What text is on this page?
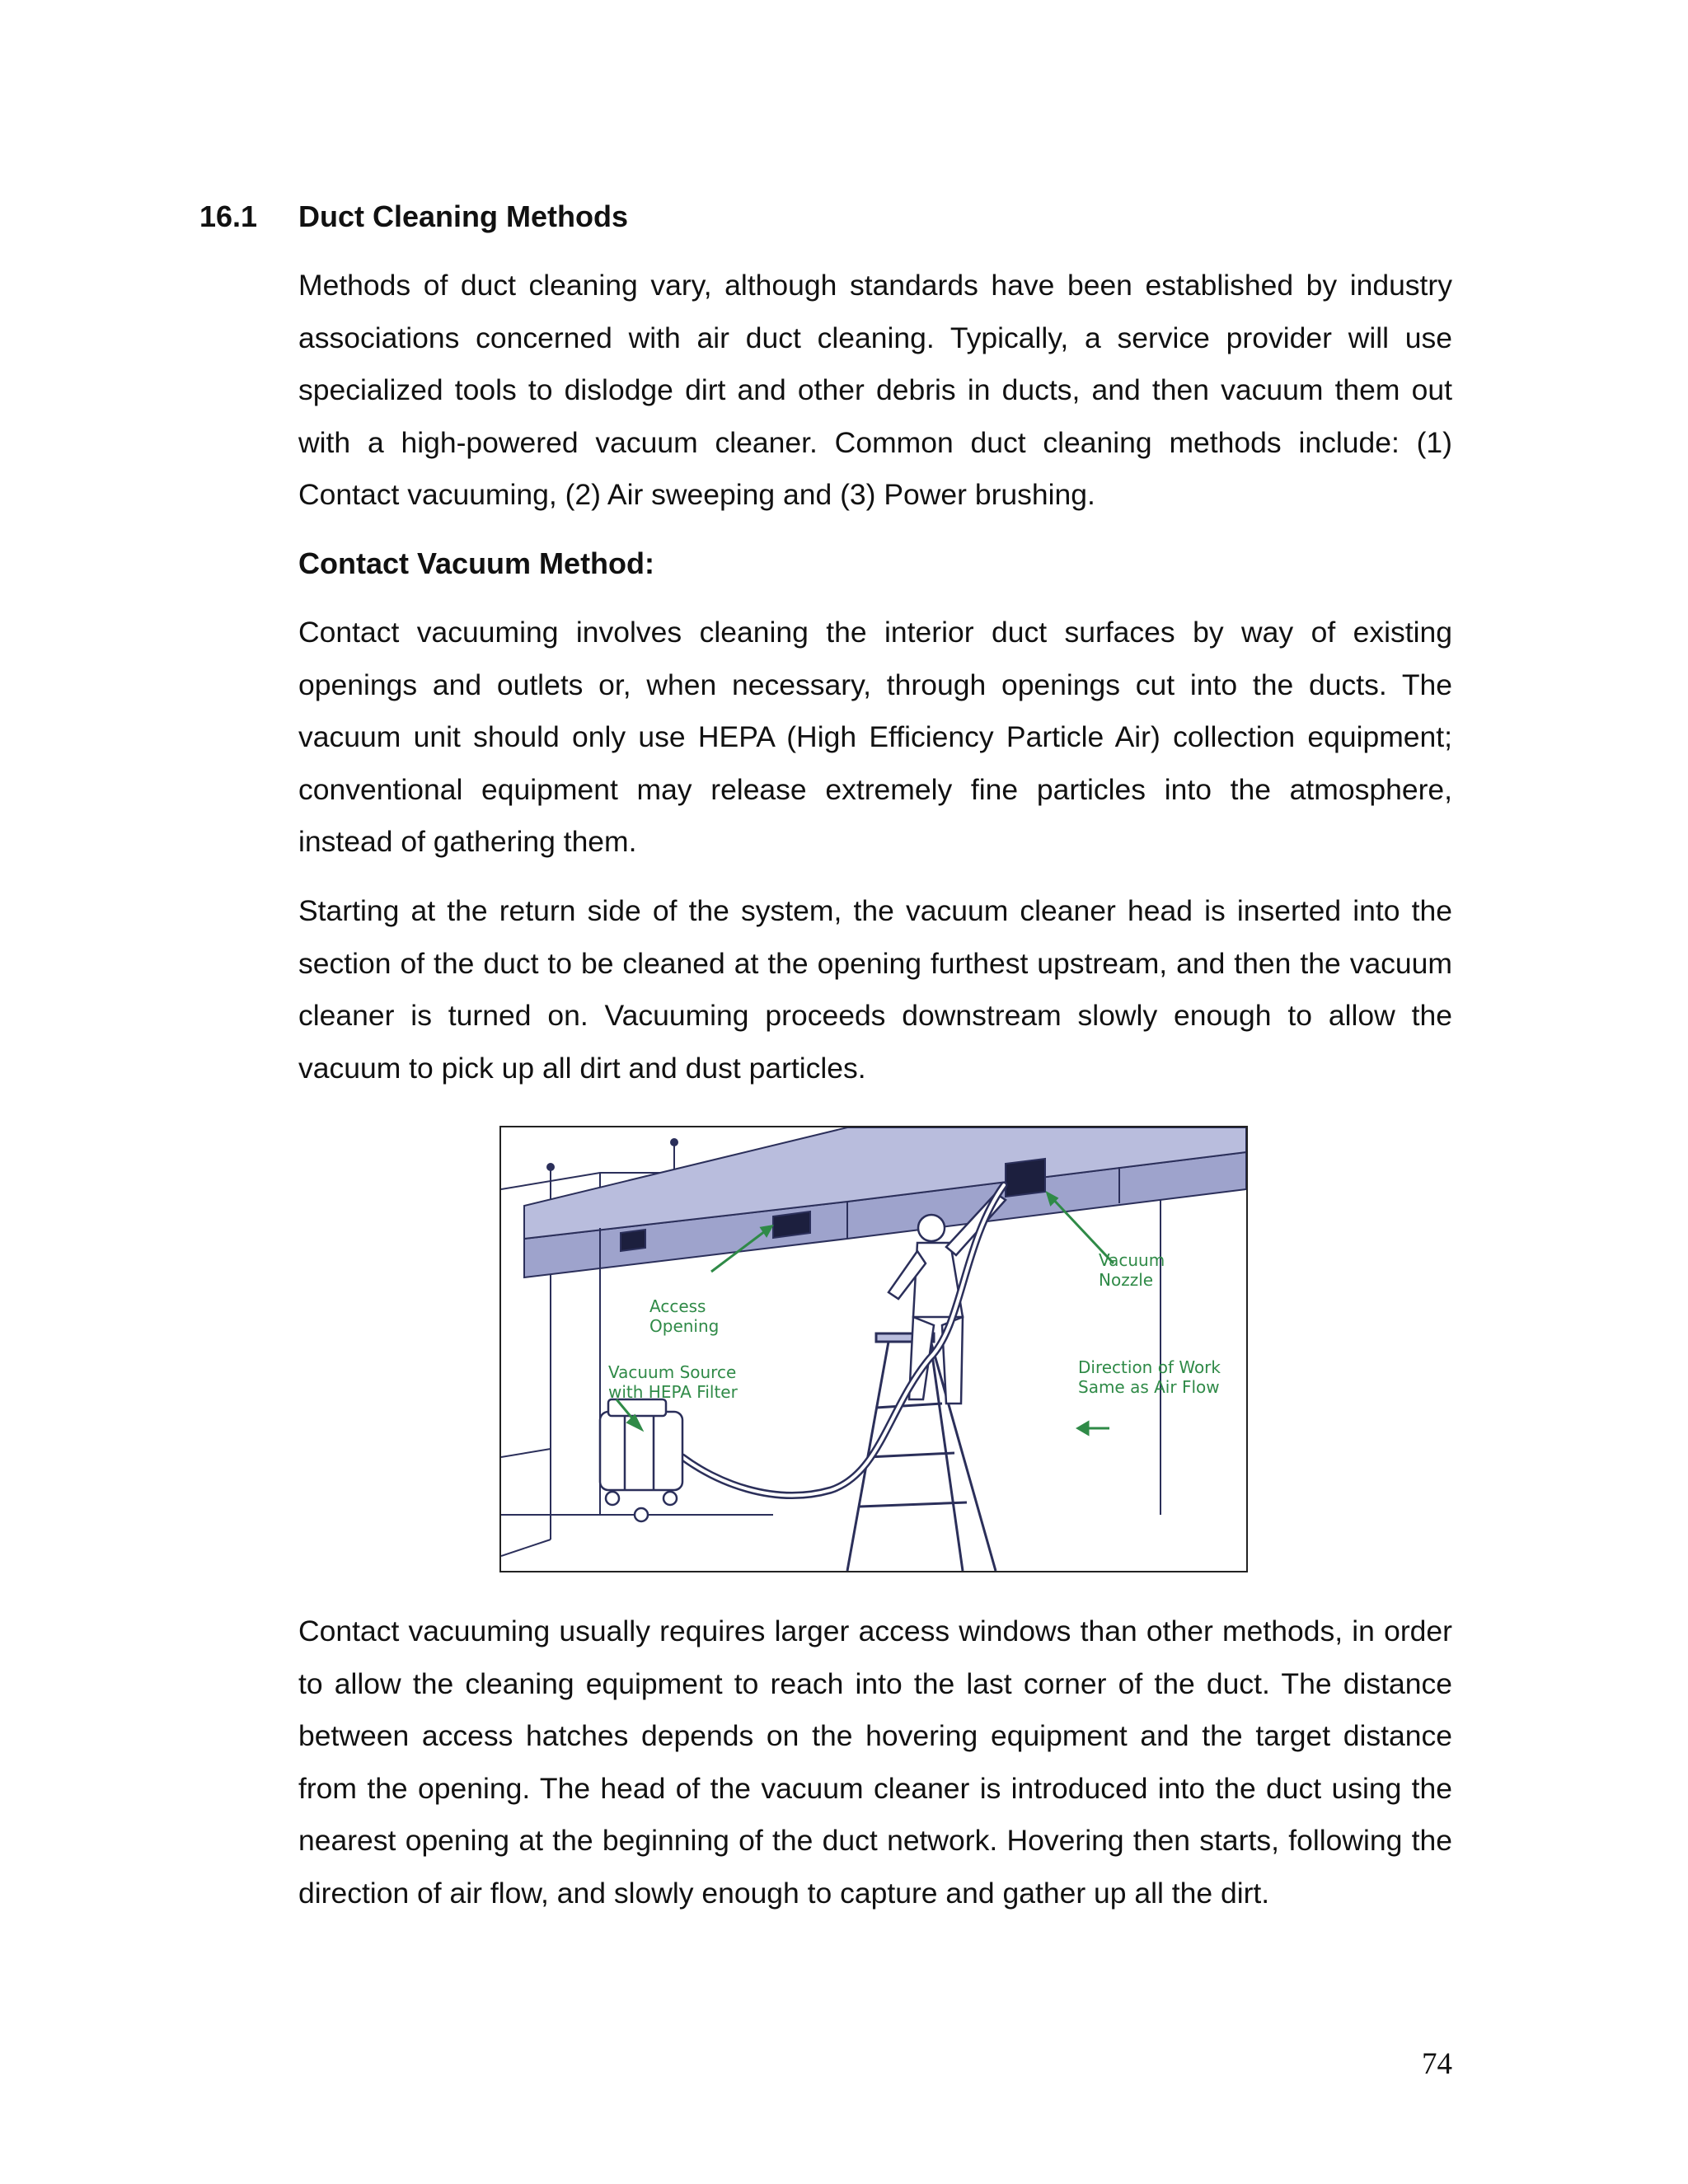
16.1 Duct Cleaning Methods

Methods of duct cleaning vary, although standards have been established by industry associations concerned with air duct cleaning. Typically, a service provider will use specialized tools to dislodge dirt and other debris in ducts, and then vacuum them out with a high-powered vacuum cleaner. Common duct cleaning methods include: (1) Contact vacuuming, (2) Air sweeping and (3) Power brushing.

Contact Vacuum Method:

Contact vacuuming involves cleaning the interior duct surfaces by way of existing openings and outlets or, when necessary, through openings cut into the ducts. The vacuum unit should only use HEPA (High Efficiency Particle Air) collection equipment; conventional equipment may release extremely fine particles into the atmosphere, instead of gathering them.

Starting at the return side of the system, the vacuum cleaner head is inserted into the section of the duct to be cleaned at the opening furthest upstream, and then the vacuum cleaner is turned on. Vacuuming proceeds downstream slowly enough to allow the vacuum to pick up all dirt and dust particles.

Access
Opening
Vacuum
Nozzle
Vacuum Source
with HEPA Filter
Direction of Work
Same as Air Flow

Contact vacuuming usually requires larger access windows than other methods, in order to allow the cleaning equipment to reach into the last corner of the duct. The distance between access hatches depends on the hovering equipment and the target distance from the opening. The head of the vacuum cleaner is introduced into the duct using the nearest opening at the beginning of the duct network. Hovering then starts, following the direction of air flow, and slowly enough to capture and gather up all the dirt.

74
